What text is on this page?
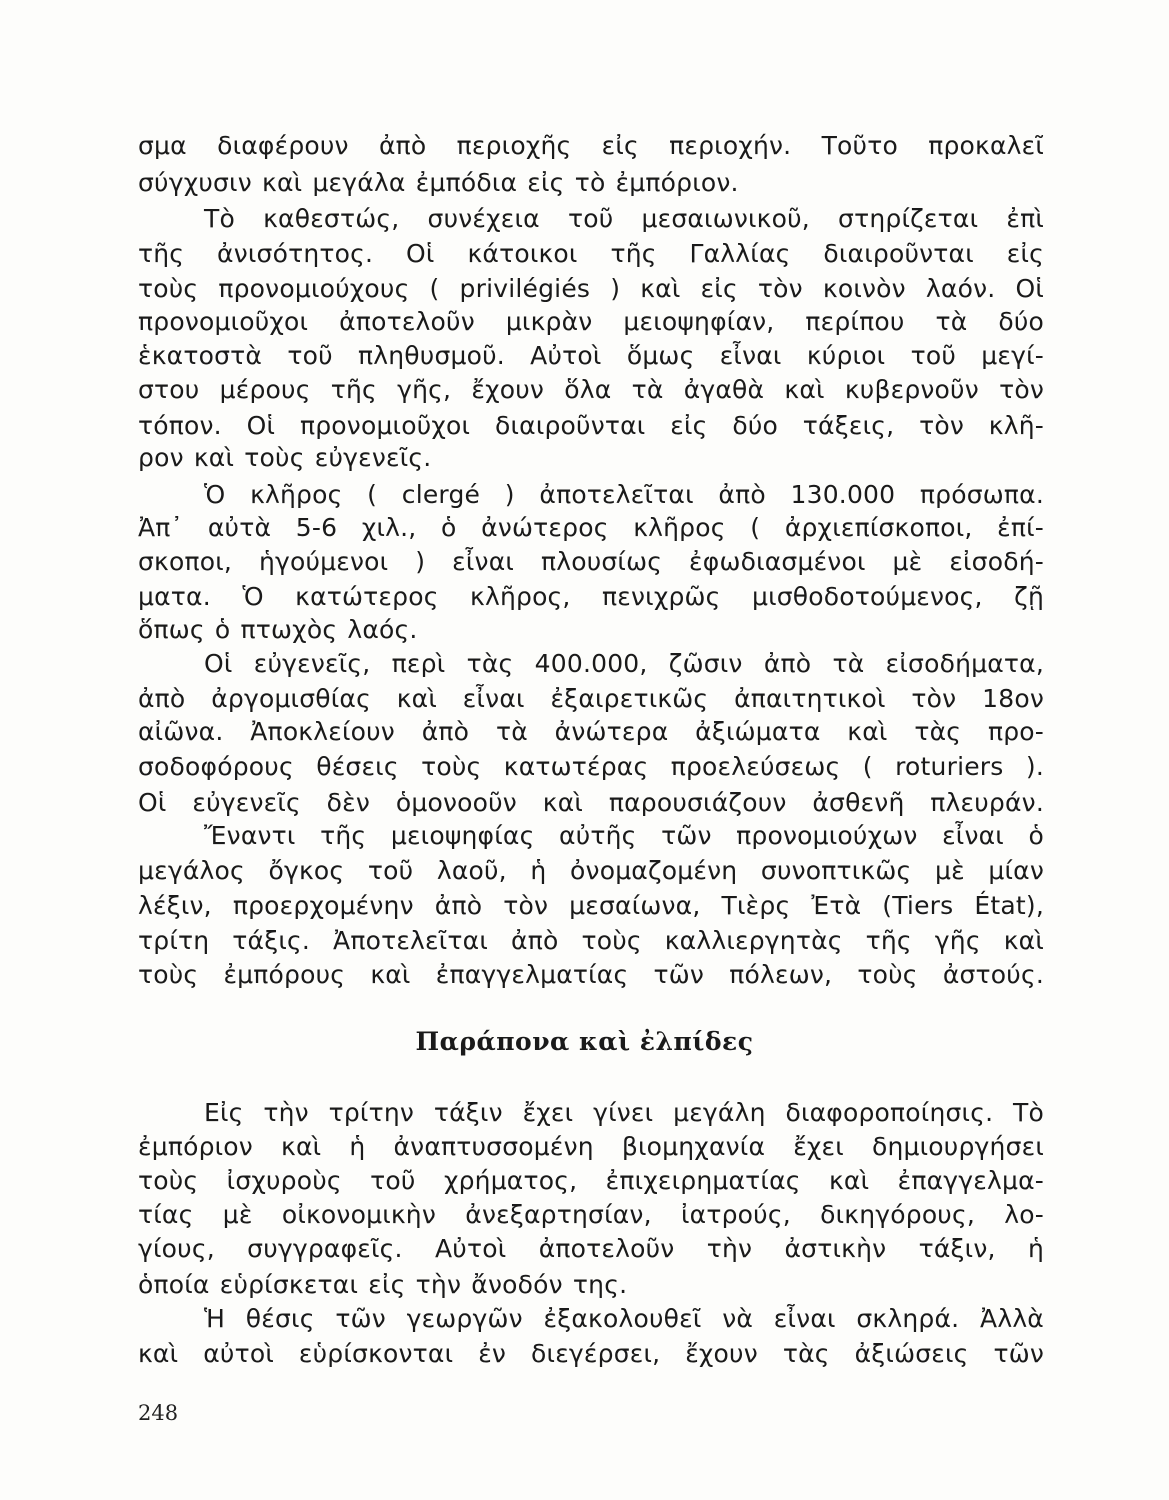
σμα διαφέρουν ἀπὸ περιοχῆς εἰς περιοχήν. Τοῦτο προκαλεῖ
σύγχυσιν καὶ μεγάλα ἐμπόδια εἰς τὸ ἐμπόριον.
Τὸ καθεστώς, συνέχεια τοῦ μεσαιωνικοῦ, στηρίζεται ἐπὶ
τῆς ἀνισότητος. Οἱ κάτοικοι τῆς Γαλλίας διαιροῦνται εἰς
τοὺς προνομιούχους ( privilégiés ) καὶ εἰς τὸν κοινὸν λαόν. Οἱ
προνομιοῦχοι ἀποτελοῦν μικρὰν μειοψηφίαν, περίπου τὰ δύο
ἑκατοστὰ τοῦ πληθυσμοῦ. Αὐτοὶ ὅμως εἶναι κύριοι τοῦ μεγί-
στου μέρους τῆς γῆς, ἔχουν ὅλα τὰ ἀγαθὰ καὶ κυβερνοῦν τὸν
τόπον. Οἱ προνομιοῦχοι διαιροῦνται εἰς δύο τάξεις, τὸν κλῆ-
ρον καὶ τοὺς εὐγενεῖς.
Ὁ κλῆρος ( clergé ) ἀποτελεῖται ἀπὸ 130.000 πρόσωπα.
Ἀπ᾽ αὐτὰ 5-6 χιλ., ὁ ἀνώτερος κλῆρος ( ἀρχιεπίσκοποι, ἐπί-
σκοποι, ἡγούμενοι ) εἶναι πλουσίως ἐφωδιασμένοι μὲ εἰσοδή-
ματα. Ὁ κατώτερος κλῆρος, πενιχρῶς μισθοδοτούμενος, ζῇ
ὅπως ὁ πτωχὸς λαός.
Οἱ εὐγενεῖς, περὶ τὰς 400.000, ζῶσιν ἀπὸ τὰ εἰσοδήματα,
ἀπὸ ἀργομισθίας καὶ εἶναι ἐξαιρετικῶς ἀπαιτητικοὶ τὸν 18ον
αἰῶνα. Ἀποκλείουν ἀπὸ τὰ ἀνώτερα ἀξιώματα καὶ τὰς προ-
σοδοφόρους θέσεις τοὺς κατωτέρας προελεύσεως ( roturiers ).
Οἱ εὐγενεῖς δὲν ὁμονοοῦν καὶ παρουσιάζουν ἀσθενῆ πλευράν.
Ἔναντι τῆς μειοψηφίας αὐτῆς τῶν προνομιούχων εἶναι ὁ
μεγάλος ὄγκος τοῦ λαοῦ, ἡ ὀνομαζομένη συνοπτικῶς μὲ μίαν
λέξιν, προερχομένην ἀπὸ τὸν μεσαίωνα, Τιὲρς Ἐτὰ (Tiers État),
τρίτη τάξις. Ἀποτελεῖται ἀπὸ τοὺς καλλιεργητὰς τῆς γῆς καὶ
τοὺς ἐμπόρους καὶ ἐπαγγελματίας τῶν πόλεων, τοὺς ἀστούς.
Παράπονα καὶ ἐλπίδες
Εἰς τὴν τρίτην τάξιν ἔχει γίνει μεγάλη διαφοροποίησις. Τὸ
ἐμπόριον καὶ ἡ ἀναπτυσσομένη βιομηχανία ἔχει δημιουργήσει
τοὺς ἰσχυροὺς τοῦ χρήματος, ἐπιχειρηματίας καὶ ἐπαγγελμα-
τίας μὲ οἰκονομικὴν ἀνεξαρτησίαν, ἰατρούς, δικηγόρους, λο-
γίους, συγγραφεῖς. Αὐτοὶ ἀποτελοῦν τὴν ἀστικὴν τάξιν, ἡ
ὁποία εὑρίσκεται εἰς τὴν ἄνοδόν της.
Ἡ θέσις τῶν γεωργῶν ἐξακολουθεῖ νὰ εἶναι σκληρά. Ἀλλὰ
καὶ αὐτοὶ εὑρίσκονται ἐν διεγέρσει, ἔχουν τὰς ἀξιώσεις τῶν
248
